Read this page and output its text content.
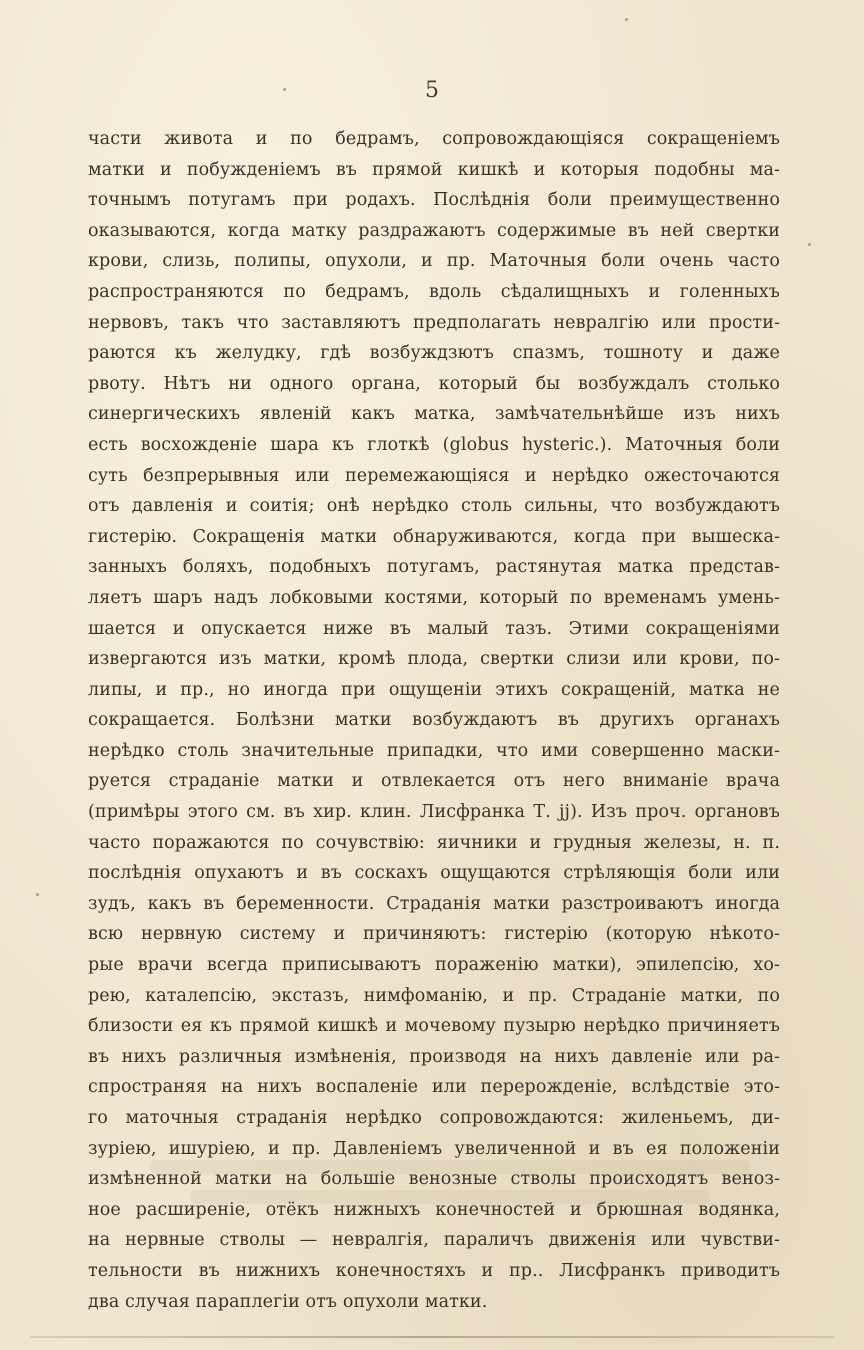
5
части живота и по бедрамъ, сопровождающіяся сокращеніемъ
матки и побужденіемъ въ прямой кишкѣ и которыя подобны ма-
точнымъ потугамъ при родахъ. Послѣднія боли преимущественно
оказываются, когда матку раздражаютъ содержимые въ ней свертки
крови, слизь, полипы, опухоли, и пр. Маточныя боли очень часто
распространяются по бедрамъ, вдоль сѣдалищныхъ и голенныхъ
нервовъ, такъ что заставляютъ предполагать невралгію или прости-
раются къ желудку, гдѣ возбуждзютъ спазмъ, тошноту и даже
рвоту. Нѣтъ ни одного органа, который бы возбуждалъ столько
синергическихъ явленій какъ матка, замѣчательнѣйше изъ нихъ
есть восхожденіе шара къ глоткѣ (globus hysteric.). Маточныя боли
суть безпрерывныя или перемежающіяся и нерѣдко ожесточаются
отъ давленія и соитія; онѣ нерѣдко столь сильны, что возбуждаютъ
гистерію. Сокращенія матки обнаруживаются, когда при вышеска-
занныхъ боляхъ, подобныхъ потугамъ, растянутая матка представ-
ляетъ шаръ надъ лобковыми костями, который по временамъ умень-
шается и опускается ниже въ малый тазъ. Этими сокращеніями
извергаются изъ матки, кромѣ плода, свертки слизи или крови, по-
липы, и пр., но иногда при ощущеніи этихъ сокращеній, матка не
сокращается. Болѣзни матки возбуждаютъ въ другихъ органахъ
нерѣдко столь значительные припадки, что ими совершенно маски-
руется страданіе матки и отвлекается отъ него вниманіе врача
(примѣры этого см. въ хир. клин. Лисфранка Т. jj). Изъ проч. органовъ
часто поражаются по сочувствію: яичники и грудныя железы, н. п.
послѣднія опухаютъ и въ соскахъ ощущаются стрѣляющія боли или
зудъ, какъ въ беременности. Страданія матки разстроиваютъ иногда
всю нервную систему и причиняютъ: гистерію (которую нѣкото-
рые врачи всегда приписываютъ пораженію матки), эпилепсію, хо-
рею, каталепсію, экстазъ, нимфоманію, и пр. Страданіе матки, по
близости ея къ прямой кишкѣ и мочевому пузырю нерѣдко причиняетъ
въ нихъ различныя измѣненія, производя на нихъ давленіе или ра-
спространяя на нихъ воспаленіе или перерожденіе, вслѣдствіе это-
го маточныя страданія нерѣдко сопровождаются: жиленьемъ, ди-
зуріею, ишуріею, и пр. Давленіемъ увеличенной и въ ея положеніи
измѣненной матки на большіе венозные стволы происходятъ веноз-
ное расширеніе, отёкъ нижныхъ конечностей и брюшная водянка,
на нервные стволы — невралгія, параличъ движенія или чувстви-
тельности въ нижнихъ конечностяхъ и пр.. Лисфранкъ приводитъ
два случая параплегіи отъ опухоли матки.
